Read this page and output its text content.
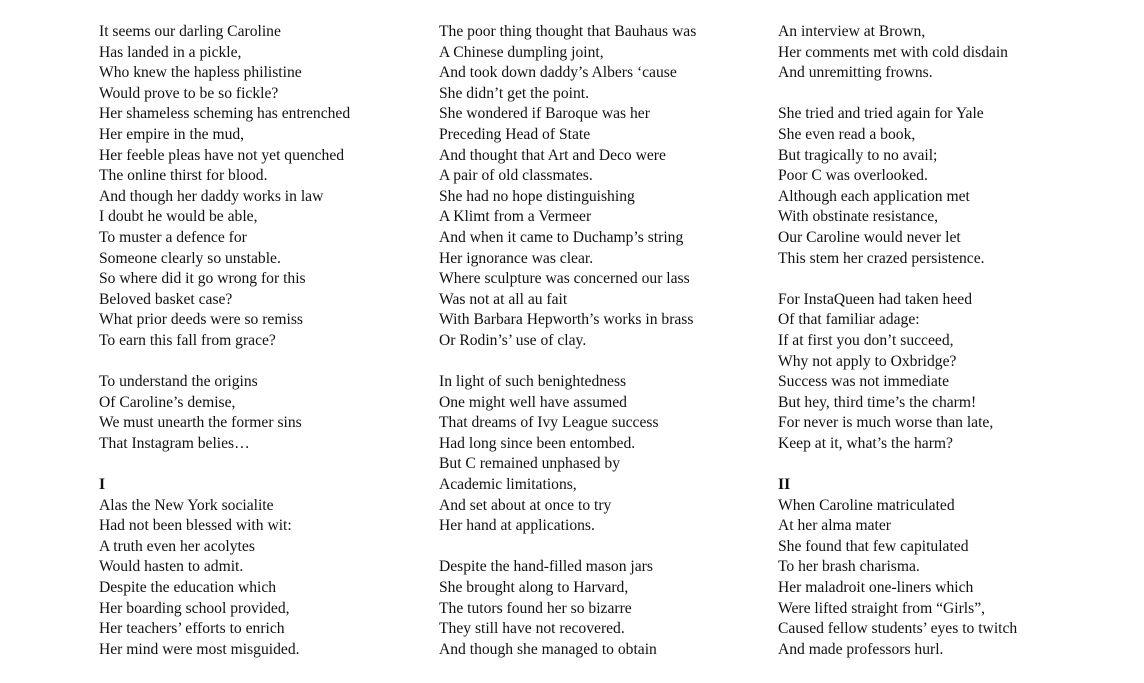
It seems our darling Caroline
Has landed in a pickle,
Who knew the hapless philistine
Would prove to be so fickle?
Her shameless scheming has entrenched
Her empire in the mud,
Her feeble pleas have not yet quenched
The online thirst for blood.
And though her daddy works in law
I doubt he would be able,
To muster a defence for
Someone clearly so unstable.
So where did it go wrong for this
Beloved basket case?
What prior deeds were so remiss
To earn this fall from grace?
To understand the origins
Of Caroline’s demise,
We must unearth the former sins
That Instagram belies…
I
Alas the New York socialite
Had not been blessed with wit:
A truth even her acolytes
Would hasten to admit.
Despite the education which
Her boarding school provided,
Her teachers’ efforts to enrich
Her mind were most misguided.
The poor thing thought that Bauhaus was
A Chinese dumpling joint,
And took down daddy’s Albers ‘cause
She didn’t get the point.
She wondered if Baroque was her
Preceding Head of State
And thought that Art and Deco were
A pair of old classmates.
She had no hope distinguishing
A Klimt from a Vermeer
And when it came to Duchamp’s string
Her ignorance was clear.
Where sculpture was concerned our lass
Was not at all au fait
With Barbara Hepworth’s works in brass
Or Rodin’s’ use of clay.
In light of such benightedness
One might well have assumed
That dreams of Ivy League success
Had long since been entombed.
But C remained unphased by
Academic limitations,
And set about at once to try
Her hand at applications.
Despite the hand-filled mason jars
She brought along to Harvard,
The tutors found her so bizarre
They still have not recovered.
And though she managed to obtain
An interview at Brown,
Her comments met with cold disdain
And unremitting frowns.
She tried and tried again for Yale
She even read a book,
But tragically to no avail;
Poor C was overlooked.
Although each application met
With obstinate resistance,
Our Caroline would never let
This stem her crazed persistence.
For InstaQueen had taken heed
Of that familiar adage:
If at first you don’t succeed,
Why not apply to Oxbridge?
Success was not immediate
But hey, third time’s the charm!
For never is much worse than late,
Keep at it, what’s the harm?
II
When Caroline matriculated
At her alma mater
She found that few capitulated
To her brash charisma.
Her maladroit one-liners which
Were lifted straight from “Girls”,
Caused fellow students’ eyes to twitch
And made professors hurl.
